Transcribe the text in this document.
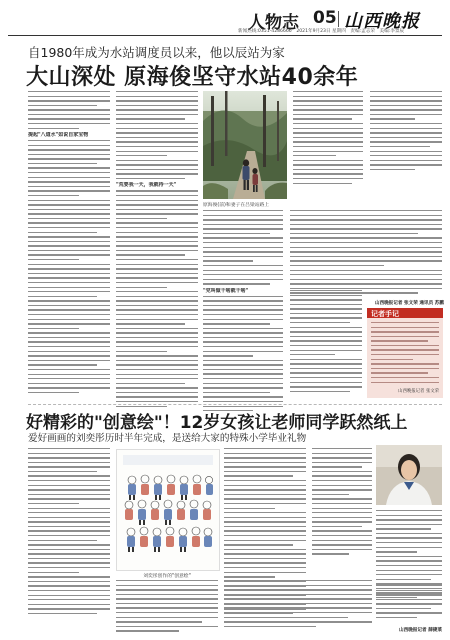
人物志 05 山西晚报
新闻热线:0351-4286666　2021年9月23日 星期四　责编:孟志荣　美编:李景辰
自1980年成为水站调度员以来，他以辰站为家
大山深处 原海俊坚守水站40余年
提起"八道水"如说自家宝物
"荒要我一天，我就待一天"
原海俊(前)和妻子在吕梁站路上
"党叫做干啥就干啥"
山西晚报记者 张文荣 通讯员 苏鹏
记者手记
山西晚报记者 张文荣
好精彩的"创意绘"！12岁女孩让老师同学跃然纸上
爱好画画的刘奕彤历时半年完成，是送给大家的特殊小学毕业礼物
刘奕彤创作的"创意绘"
山西晚报记者 薛捷菜
